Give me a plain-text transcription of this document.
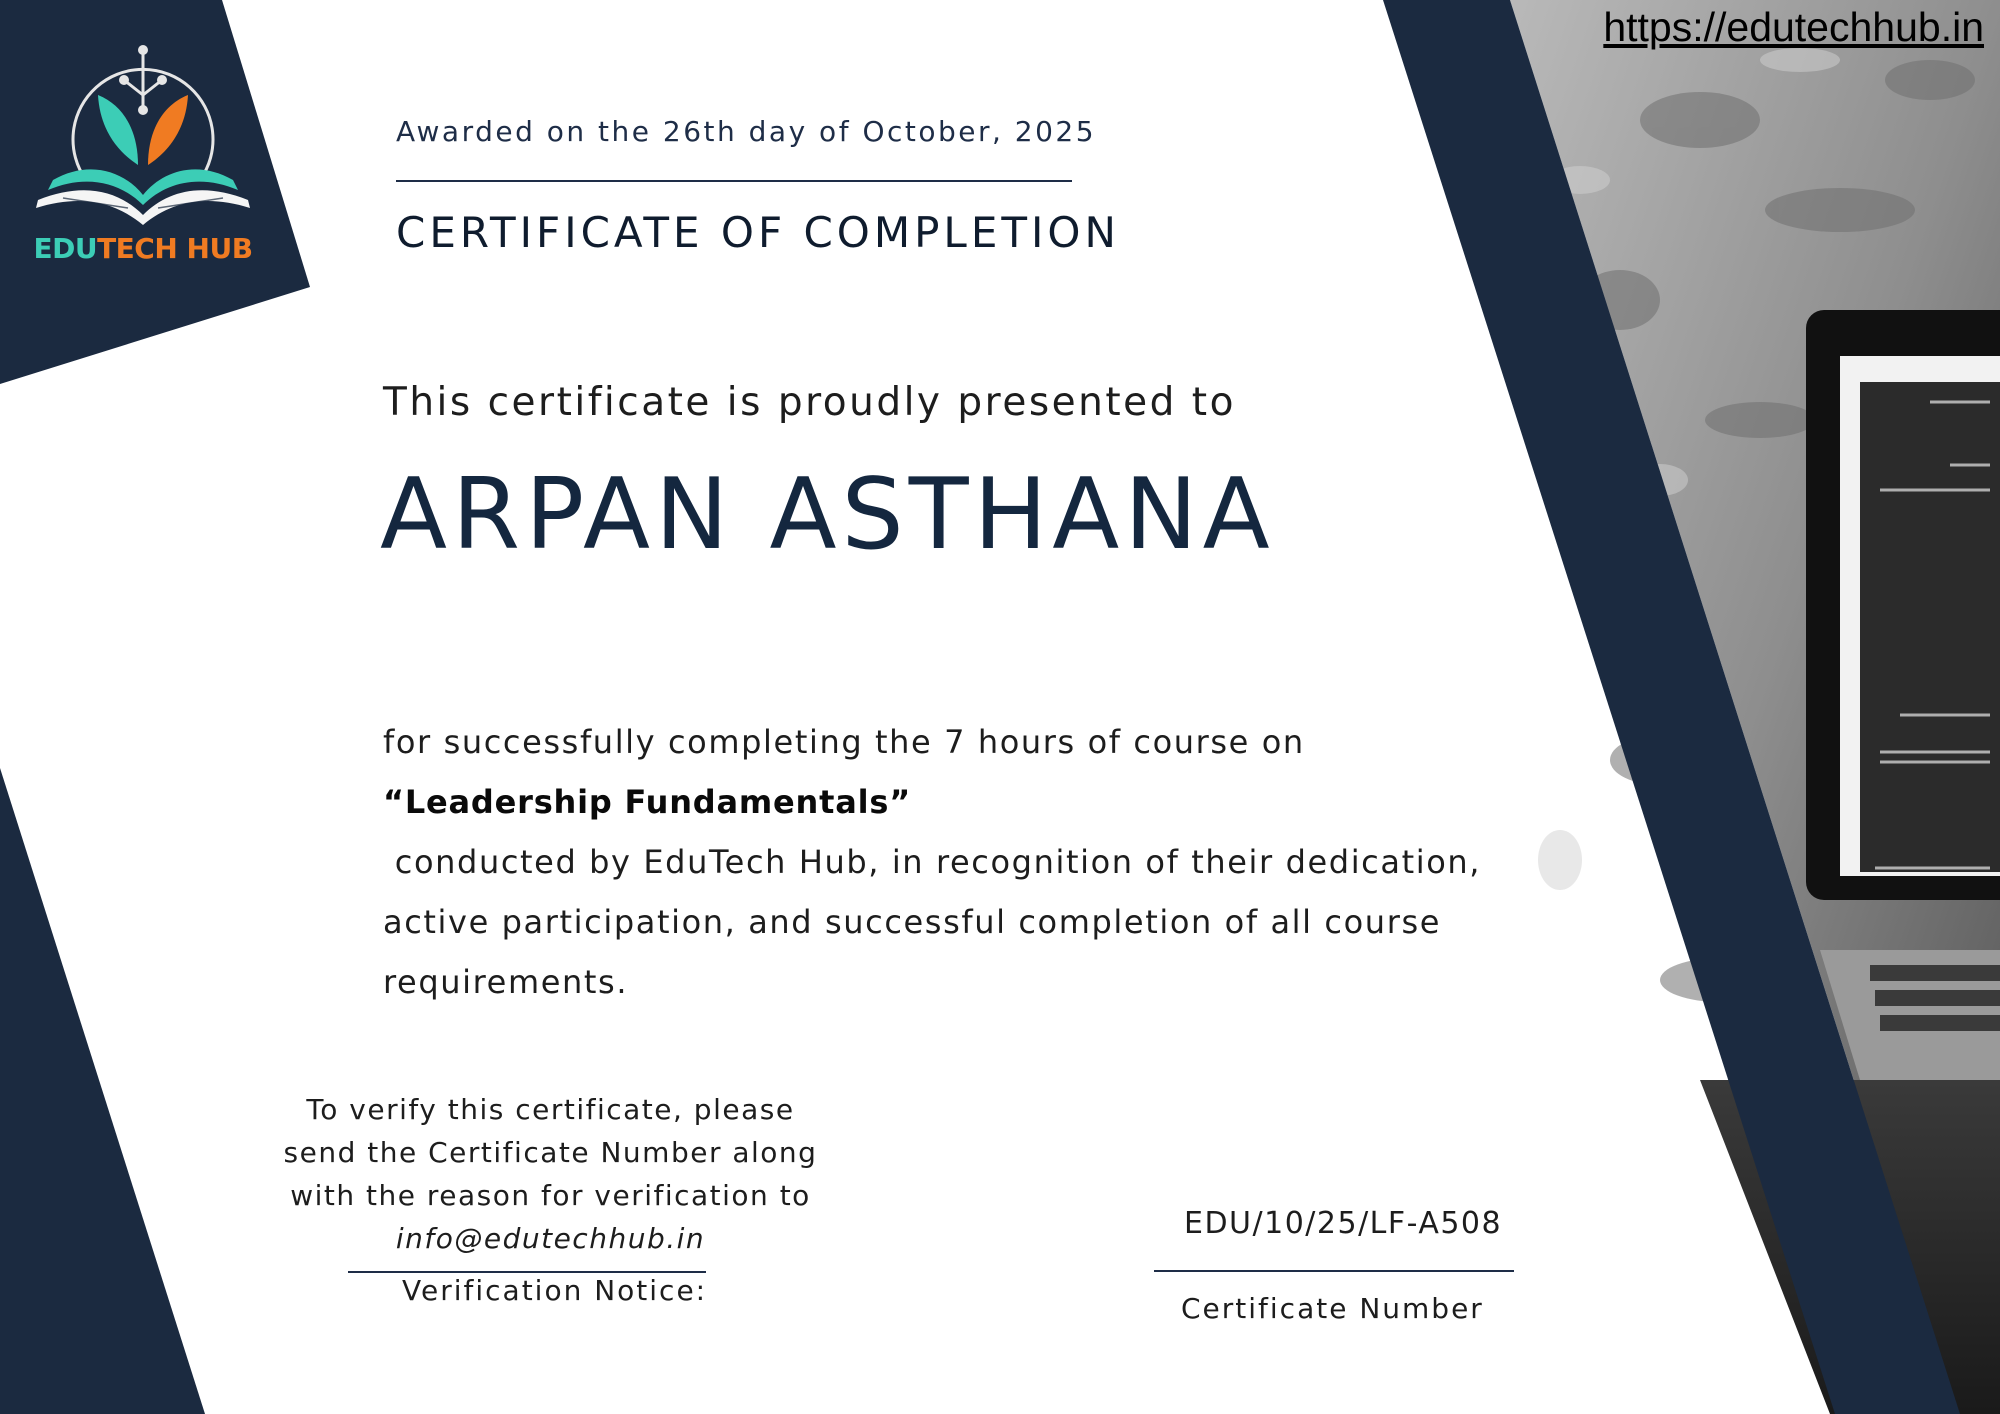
https://edutechhub.in
EDUTECH HUB
Awarded on the 26th day of October, 2025
CERTIFICATE OF COMPLETION
This certificate is proudly presented to
ARPAN ASTHANA
for successfully completing the 7 hours of course on
“Leadership Fundamentals”
conducted by EduTech Hub, in recognition of their dedication, active participation, and successful completion of all course requirements.
To verify this certificate, please
send the Certificate Number along
with the reason for verification to
info@edutechhub.in
Verification Notice:
EDU/10/25/LF-A508
Certificate Number
